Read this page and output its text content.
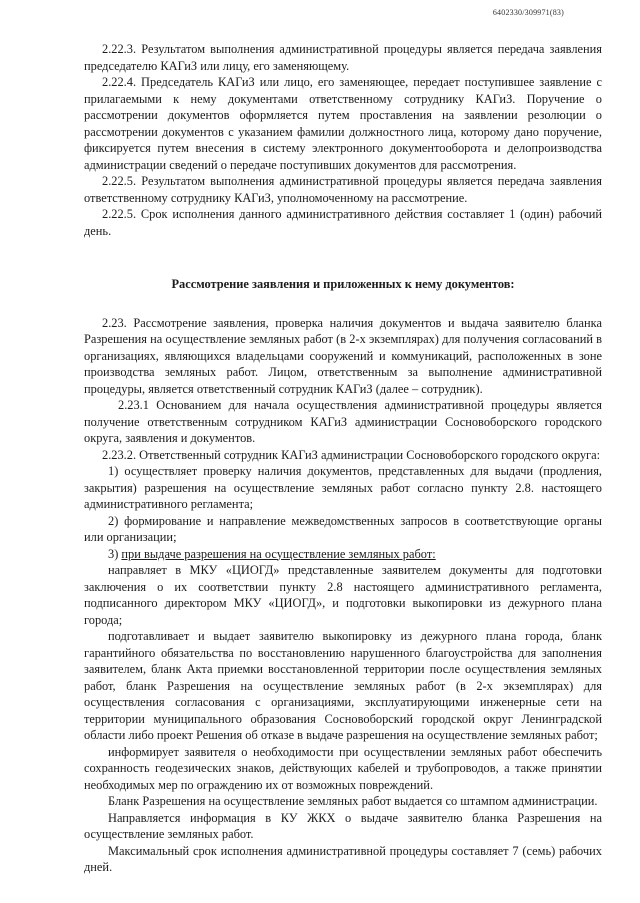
6402330/309971(83)

2.22.3. Результатом выполнения административной процедуры является передача заявления председателю КАГиЗ или лицу, его заменяющему.

2.22.4. Председатель КАГиЗ или лицо, его заменяющее, передает поступившее заявление с прилагаемыми к нему документами ответственному сотруднику КАГиЗ. Поручение о рассмотрении документов оформляется путем проставления на заявлении резолюции о рассмотрении документов с указанием фамилии должностного лица, которому дано поручение, фиксируется путем внесения в систему электронного документооборота и делопроизводства администрации сведений о передаче поступивших документов для рассмотрения.

2.22.5. Результатом выполнения административной процедуры является передача заявления ответственному сотруднику КАГиЗ, уполномоченному на рассмотрение.

2.22.5. Срок исполнения данного административного действия составляет 1 (один) рабочий день.

Рассмотрение заявления и приложенных к нему документов:

2.23. Рассмотрение заявления, проверка наличия документов и выдача заявителю бланка Разрешения на осуществление земляных работ (в 2-х экземплярах) для получения согласований в организациях, являющихся владельцами сооружений и коммуникаций, расположенных в зоне производства земляных работ. Лицом, ответственным за выполнение административной процедуры, является ответственный сотрудник КАГиЗ (далее – сотрудник).

2.23.1 Основанием для начала осуществления административной процедуры является получение ответственным сотрудником КАГиЗ администрации Сосновоборского городского округа, заявления и документов.

2.23.2. Ответственный сотрудник КАГиЗ администрации Сосновоборского городского округа:

1) осуществляет проверку наличия документов, представленных для выдачи (продления, закрытия) разрешения на осуществление земляных работ согласно пункту 2.8. настоящего административного регламента;

2) формирование и направление межведомственных запросов в соответствующие органы или организации;

3) при выдаче разрешения на осуществление земляных работ:

направляет в МКУ «ЦИОГД» представленные заявителем документы для подготовки заключения о их соответствии пункту 2.8 настоящего административного регламента, подписанного директором МКУ «ЦИОГД», и подготовки выкопировки из дежурного плана города;

подготавливает и выдает заявителю выкопировку из дежурного плана города, бланк гарантийного обязательства по восстановлению нарушенного благоустройства для заполнения заявителем, бланк Акта приемки восстановленной территории после осуществления земляных работ, бланк Разрешения на осуществление земляных работ (в 2-х экземплярах) для осуществления согласования с организациями, эксплуатирующими инженерные сети на территории муниципального образования Сосновоборский городской округ Ленинградской области либо проект Решения об отказе в выдаче разрешения на осуществление земляных работ;

информирует заявителя о необходимости при осуществлении земляных работ обеспечить сохранность геодезических знаков, действующих кабелей и трубопроводов, а также принятии необходимых мер по ограждению их от возможных повреждений.

Бланк Разрешения на осуществление земляных работ выдается со штампом администрации.

Направляется информация в КУ ЖКХ о выдаче заявителю бланка Разрешения на осуществление земляных работ.

Максимальный срок исполнения административной процедуры составляет 7 (семь) рабочих дней.
